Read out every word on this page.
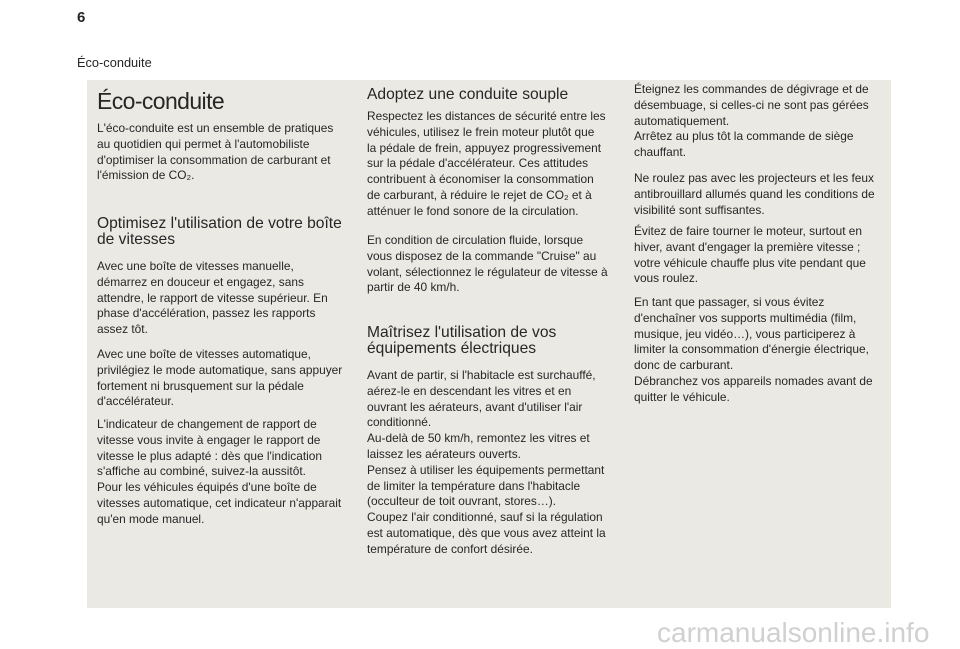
6
Éco-conduite
Éco-conduite

L'éco-conduite est un ensemble de pratiques
au quotidien qui permet à l'automobiliste
d'optimiser la consommation de carburant et
l'émission de CO₂.

Optimisez l'utilisation de votre boîte
de vitesses

Avec une boîte de vitesses manuelle,
démarrez en douceur et engagez, sans
attendre, le rapport de vitesse supérieur. En
phase d'accélération, passez les rapports
assez tôt.

Avec une boîte de vitesses automatique,
privilégiez le mode automatique, sans appuyer
fortement ni brusquement sur la pédale
d'accélérateur.

L'indicateur de changement de rapport de
vitesse vous invite à engager le rapport de
vitesse le plus adapté : dès que l'indication
s'affiche au combiné, suivez-la aussitôt.
Pour les véhicules équipés d'une boîte de
vitesses automatique, cet indicateur n'apparait
qu'en mode manuel.

Adoptez une conduite souple

Respectez les distances de sécurité entre les
véhicules, utilisez le frein moteur plutôt que
la pédale de frein, appuyez progressivement
sur la pédale d'accélérateur. Ces attitudes
contribuent à économiser la consommation
de carburant, à réduire le rejet de CO₂ et à
atténuer le fond sonore de la circulation.

En condition de circulation fluide, lorsque
vous disposez de la commande "Cruise" au
volant, sélectionnez le régulateur de vitesse à
partir de 40 km/h.

Maîtrisez l'utilisation de vos
équipements électriques

Avant de partir, si l'habitacle est surchauffé,
aérez-le en descendant les vitres et en
ouvrant les aérateurs, avant d'utiliser l'air
conditionné.
Au-delà de 50 km/h, remontez les vitres et
laissez les aérateurs ouverts.
Pensez à utiliser les équipements permettant
de limiter la température dans l'habitacle
(occulteur de toit ouvrant, stores…).
Coupez l'air conditionné, sauf si la régulation
est automatique, dès que vous avez atteint la
température de confort désirée.

Éteignez les commandes de dégivrage et de
désembuage, si celles-ci ne sont pas gérées
automatiquement.
Arrêtez au plus tôt la commande de siège
chauffant.

Ne roulez pas avec les projecteurs et les feux
antibrouillard allumés quand les conditions de
visibilité sont suffisantes.

Évitez de faire tourner le moteur, surtout en
hiver, avant d'engager la première vitesse ;
votre véhicule chauffe plus vite pendant que
vous roulez.

En tant que passager, si vous évitez
d'enchaîner vos supports multimédia (film,
musique, jeu vidéo…), vous participerez à
limiter la consommation d'énergie électrique,
donc de carburant.
Débranchez vos appareils nomades avant de
quitter le véhicule.

carmanualsonline.info
